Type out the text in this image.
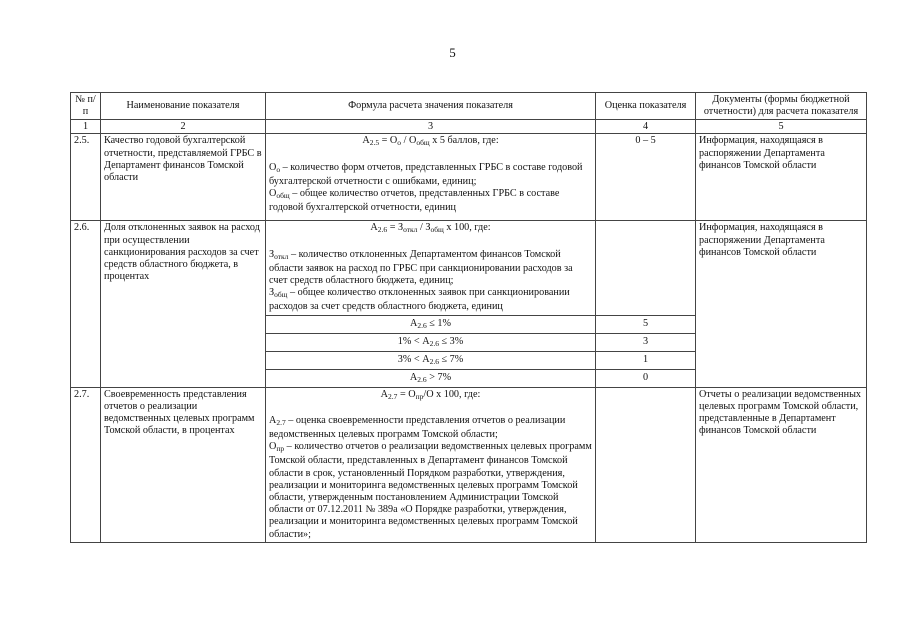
5
№ п/п	Наименование показателя	Формула расчета значения показателя	Оценка показателя	Документы (формы бюджетной отчетности) для расчета показателя
1	2	3	4	5
2.5.	Качество годовой бухгалтерской отчетности, представляемой ГРБС в Департамент финансов Томской области	$А_{2.5} = О_о / О_{общ}$ х 5 баллов, где:
$О_о$ – количество форм отчетов, представленных ГРБС в составе годовой бухгалтерской отчетности с ошибками, единиц;
$О_{общ}$ – общее количество отчетов, представленных ГРБС в составе годовой бухгалтерской отчетности, единиц	0 – 5	Информация, находящаяся в распоряжении Департамента финансов Томской области
2.6.	Доля отклоненных заявок на расход при осуществлении санкционирования расходов за счет средств областного бюджета, в процентах	$А_{2.6} = З_{откл} / З_{общ}$ х 100, где:
$З_{откл}$ – количество отклоненных Департаментом финансов Томской области заявок на расход по ГРБС при санкционировании расходов за счет средств областного бюджета, единиц;
$З_{общ}$ – общее количество отклоненных заявок при санкционировании расходов за счет средств областного бюджета, единиц		Информация, находящаяся в распоряжении Департамента финансов Томской области
		$А_{2.6} \le 1\%$	5	
		$1\% < А_{2.6} \le 3\%$	3	
		$3\% < А_{2.6} \le 7\%$	1	
		$А_{2.6} > 7\%$	0	
2.7.	Своевременность представления отчетов о реализации ведомственных целевых программ Томской области, в процентах	$А_{2.7} = О_{пр}/О$ х 100, где:
$А_{2.7}$ – оценка своевременности представления отчетов о реализации ведомственных целевых программ Томской области;
$О_{пр}$ – количество отчетов о реализации ведомственных целевых программ Томской области, представленных в Департамент финансов Томской области в срок, установленный Порядком разработки, утверждения, реализации и мониторинга ведомственных целевых программ Томской области, утвержденным постановлением Администрации Томской области от 07.12.2011 № 389а «О Порядке разработки, утверждения, реализации и мониторинга ведомственных целевых программ Томской области»;		Отчеты о реализации ведомственных целевых программ Томской области, представленные в Департамент финансов Томской области
